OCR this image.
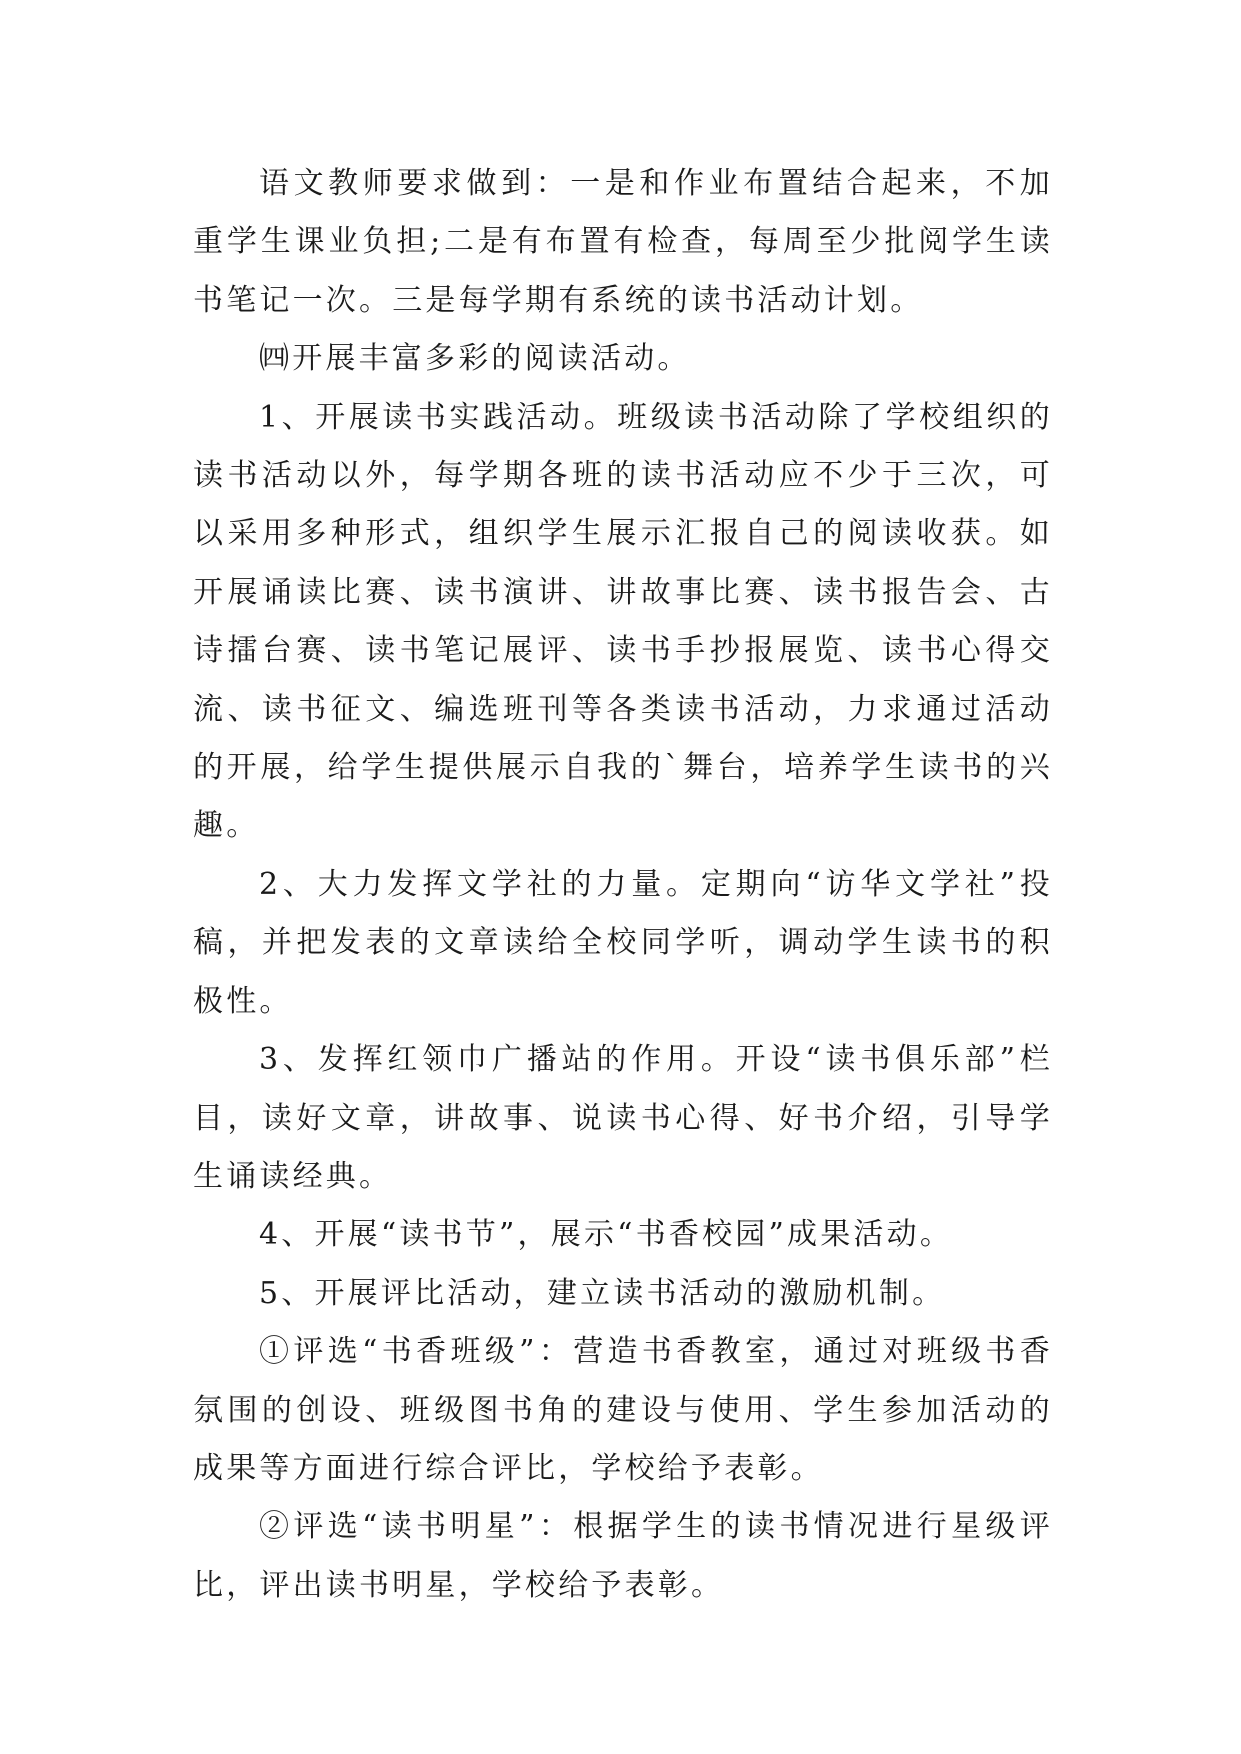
语文教师要求做到：一是和作业布置结合起来，不加重学生课业负担;二是有布置有检查，每周至少批阅学生读书笔记一次。三是每学期有系统的读书活动计划。

㈣开展丰富多彩的阅读活动。

1、开展读书实践活动。班级读书活动除了学校组织的读书活动以外，每学期各班的读书活动应不少于三次，可以采用多种形式，组织学生展示汇报自己的阅读收获。如开展诵读比赛、读书演讲、讲故事比赛、读书报告会、古诗擂台赛、读书笔记展评、读书手抄报展览、读书心得交流、读书征文、编选班刊等各类读书活动，力求通过活动的开展，给学生提供展示自我的`舞台，培养学生读书的兴趣。

2、大力发挥文学社的力量。定期向“访华文学社”投稿，并把发表的文章读给全校同学听，调动学生读书的积极性。

3、发挥红领巾广播站的作用。开设“读书俱乐部”栏目，读好文章，讲故事、说读书心得、好书介绍，引导学生诵读经典。

4、开展“读书节”，展示“书香校园”成果活动。

5、开展评比活动，建立读书活动的激励机制。

①评选“书香班级”：营造书香教室，通过对班级书香氛围的创设、班级图书角的建设与使用、学生参加活动的成果等方面进行综合评比，学校给予表彰。

②评选“读书明星”：根据学生的读书情况进行星级评比，评出读书明星，学校给予表彰。
